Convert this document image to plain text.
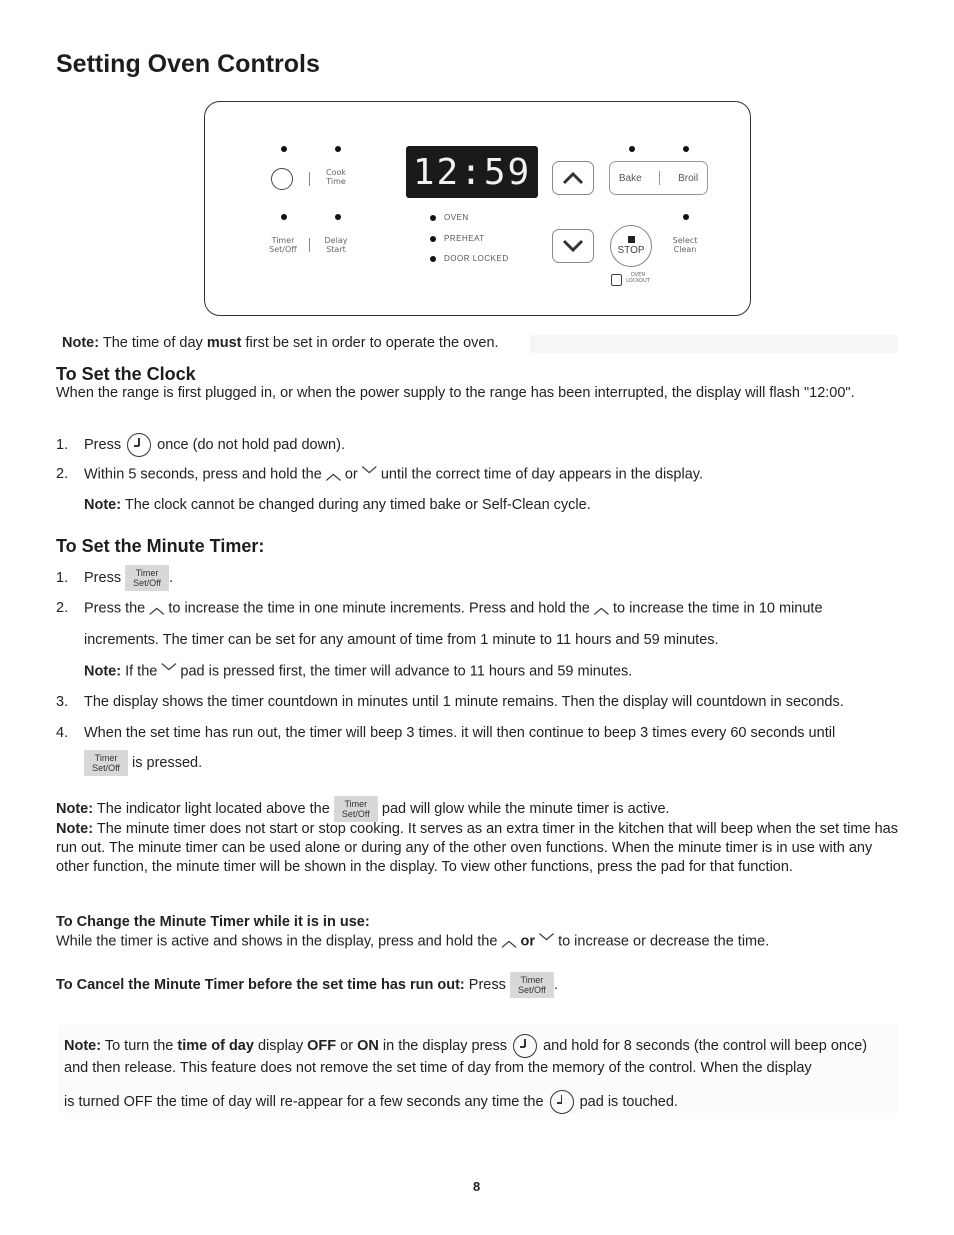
Setting Oven Controls
Cook
Time
Timer
Set/Off
Delay
Start
12:59
OVEN
PREHEAT
DOOR LOCKED
Bake	Broil
STOP
Select
Clean
OVEN
LOCKOUT
Note: The time of day must first be set in order to operate the oven.
To Set the Clock
When the range is first plugged in, or when the power supply to the range has been interrupted, the display will flash "12:00".
1. Press once (do not hold pad down).
2. Within 5 seconds, press and hold the ︿ or ﹀ until the correct time of day appears in the display.
Note: The clock cannot be changed during any timed bake or Self-Clean cycle.
To Set the Minute Timer:
1. Press Timer
Set/Off .
2. Press the ︿ to increase the time in one minute increments. Press and hold the ︿ to increase the time in 10 minute
increments. The timer can be set for any amount of time from 1 minute to 11 hours and 59 minutes.
Note: If the ﹀ pad is pressed first, the timer will advance to 11 hours and 59 minutes.
3. The display shows the timer countdown in minutes until 1 minute remains. Then the display will countdown in seconds.
4. When the set time has run out, the timer will beep 3 times. it will then continue to beep 3 times every 60 seconds until
Timer
Set/Off is pressed.
Note: The indicator light located above the Timer
Set/Off pad will glow while the minute timer is active.
Note: The minute timer does not start or stop cooking. It serves as an extra timer in the kitchen that will beep when the set time has run out. The minute timer can be used alone or during any of the other oven functions. When the minute timer is in use with any other function, the minute timer will be shown in the display. To view other functions, press the pad for that function.
To Change the Minute Timer while it is in use:
While the timer is active and shows in the display, press and hold the ︿ or ﹀ to increase or decrease the time.
To Cancel the Minute Timer before the set time has run out: Press Timer
Set/Off .
Note: To turn the time of day display OFF or ON in the display press and hold for 8 seconds (the control will beep once) and then release. This feature does not remove the set time of day from the memory of the control. When the display
is turned OFF the time of day will re-appear for a few seconds any time the pad is touched.
8
